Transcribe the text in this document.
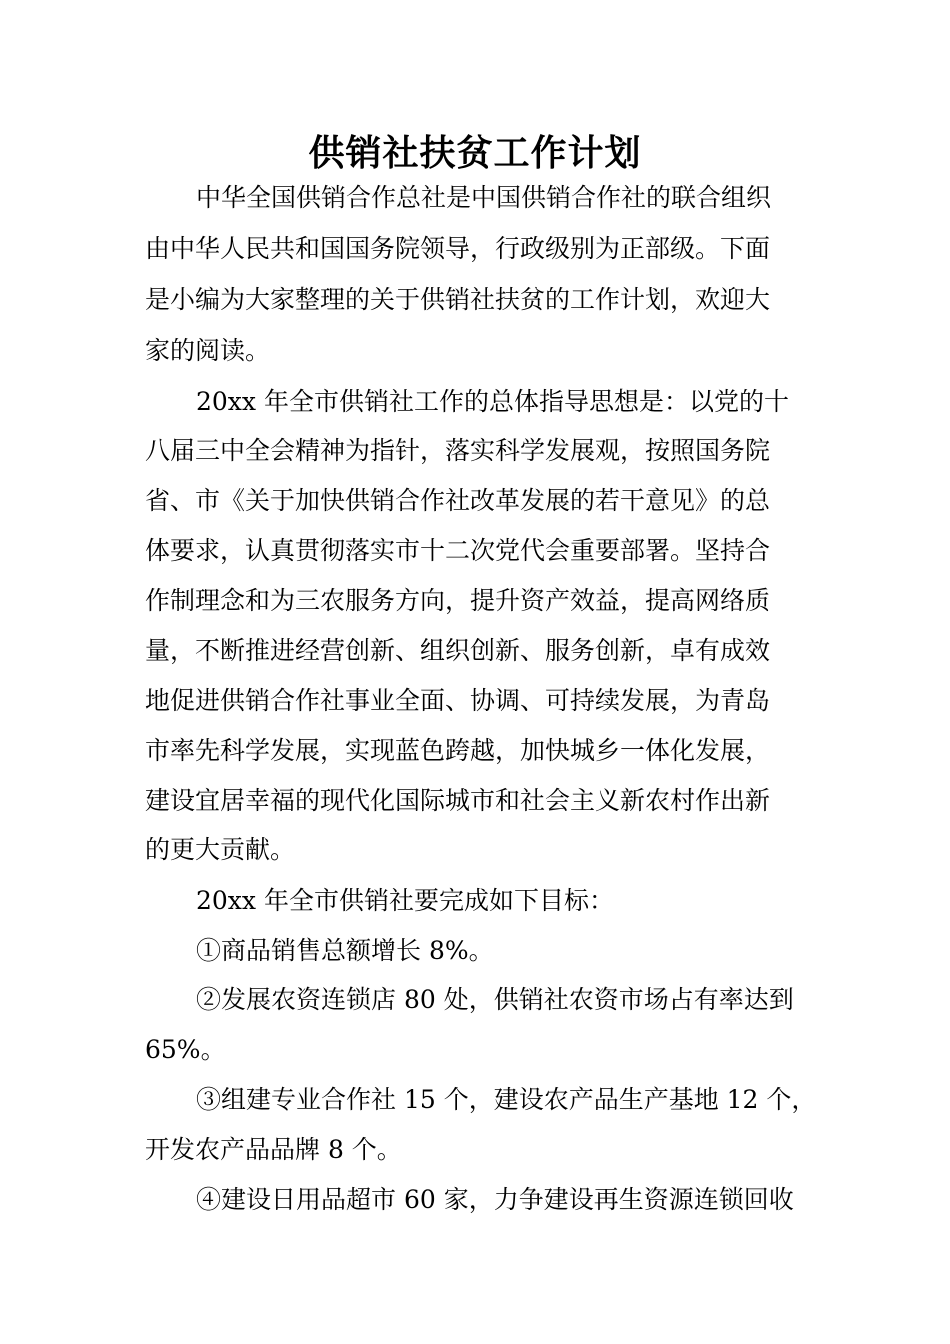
供销社扶贫工作计划
中华全国供销合作总社是中国供销合作社的联合组织
由中华人民共和国国务院领导，行政级别为正部级。下面
是小编为大家整理的关于供销社扶贫的工作计划，欢迎大
家的阅读。
20xx 年全市供销社工作的总体指导思想是：以党的十
八届三中全会精神为指针，落实科学发展观，按照国务院
省、市《关于加快供销合作社改革发展的若干意见》的总
体要求，认真贯彻落实市十二次党代会重要部署。坚持合
作制理念和为三农服务方向，提升资产效益，提高网络质
量，不断推进经营创新、组织创新、服务创新，卓有成效
地促进供销合作社事业全面、协调、可持续发展，为青岛
市率先科学发展，实现蓝色跨越，加快城乡一体化发展，
建设宜居幸福的现代化国际城市和社会主义新农村作出新
的更大贡献。
20xx 年全市供销社要完成如下目标：
①商品销售总额增长 8%。
②发展农资连锁店 80 处，供销社农资市场占有率达到
65%。
③组建专业合作社 15 个，建设农产品生产基地 12 个，
开发农产品品牌 8 个。
④建设日用品超市 60 家，力争建设再生资源连锁回收
